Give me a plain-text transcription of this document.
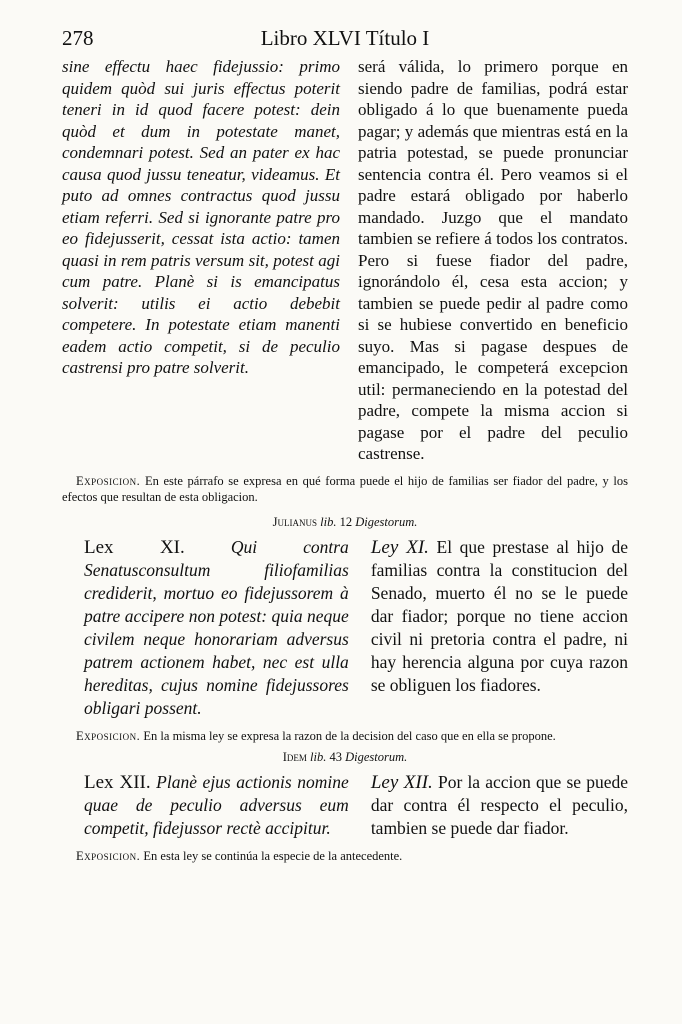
278	Libro XLVI Título I
sine effectu haec fidejussio: primo quidem quòd sui juris effectus poterit teneri in id quod facere potest: dein quòd et dum in potestate manet, condemnari potest. Sed an pater ex hac causa quod jussu teneatur, videamus. Et puto ad omnes contractus quod jussu etiam referri. Sed si ignorante patre pro eo fidejusserit, cessat ista actio: tamen quasi in rem patris versum sit, potest agi cum patre. Planè si is emancipatus solverit: utilis ei actio debebit competere. In potestate etiam manenti eadem actio competit, si de peculio castrensi pro patre solverit.
será válida, lo primero porque en siendo padre de familias, podrá estar obligado á lo que buenamente pueda pagar; y además que mientras está en la patria potestad, se puede pronunciar sentencia contra él. Pero veamos si el padre estará obligado por haberlo mandado. Juzgo que el mandato tambien se refiere á todos los contratos. Pero si fuese fiador del padre, ignorándolo él, cesa esta accion; y tambien se puede pedir al padre como si se hubiese convertido en beneficio suyo. Mas si pagase despues de emancipado, le competerá excepcion util: permaneciendo en la potestad del padre, compete la misma accion si pagase por el padre del peculio castrense.

Exposicion. En este párrafo se expresa en qué forma puede el hijo de familias ser fiador del padre, y los efectos que resultan de esta obligacion.

Julianus lib. 12 Digestorum.
Lex XI.	Qui contra Senatusconsultum filiofamilias crediderit, mortuo eo fidejussorem à patre accipere non potest: quia neque civilem neque honorariam adversus patrem actionem habet, nec est ulla hereditas, cujus nomine fidejussores obligari possent.
Ley XI. El que prestase al hijo de familias contra la constitucion del Senado, muerto él no se le puede dar fiador; porque no tiene accion civil ni pretoria contra el padre, ni hay herencia alguna por cuya razon se obliguen los fiadores.

Exposicion. En la misma ley se expresa la razon de la decision del caso que en ella se propone.

Idem lib. 43 Digestorum.
Lex XII. Planè ejus actionis nomine quae de peculio adversus eum competit, fidejussor rectè accipitur.
Ley XII. Por la accion que se puede dar contra él respecto el peculio, tambien se puede dar fiador.

Exposicion. En esta ley se continúa la especie de la antecedente.
